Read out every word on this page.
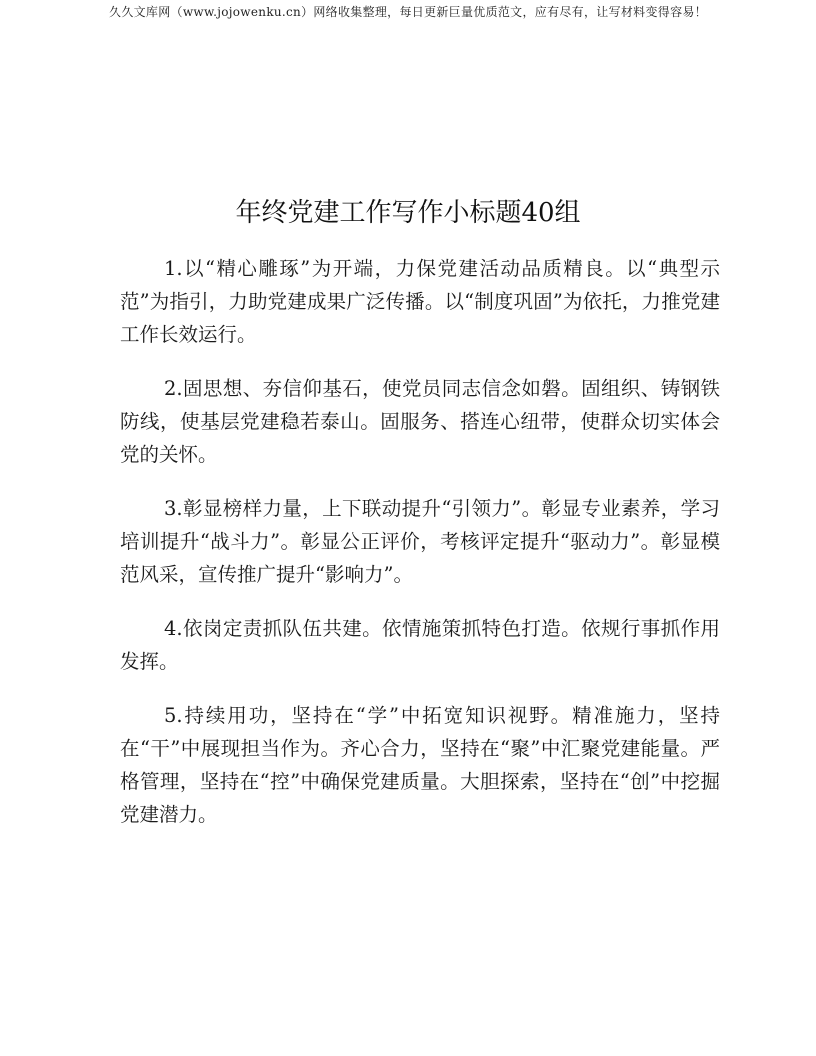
久久文库网（www.jojowenku.cn）网络收集整理，每日更新巨量优质范文，应有尽有，让写材料变得容易！
年终党建工作写作小标题40组

1.以“精心雕琢”为开端，力保党建活动品质精良。以“典型示范”为指引，力助党建成果广泛传播。以“制度巩固”为依托，力推党建工作长效运行。

2.固思想、夯信仰基石，使党员同志信念如磐。固组织、铸钢铁防线，使基层党建稳若泰山。固服务、搭连心纽带，使群众切实体会党的关怀。

3.彰显榜样力量，上下联动提升“引领力”。彰显专业素养，学习培训提升“战斗力”。彰显公正评价，考核评定提升“驱动力”。彰显模范风采，宣传推广提升“影响力”。

4.依岗定责抓队伍共建。依情施策抓特色打造。依规行事抓作用发挥。

5.持续用功，坚持在“学”中拓宽知识视野。精准施力，坚持在“干”中展现担当作为。齐心合力，坚持在“聚”中汇聚党建能量。严格管理，坚持在“控”中确保党建质量。大胆探索，坚持在“创”中挖掘党建潜力。
